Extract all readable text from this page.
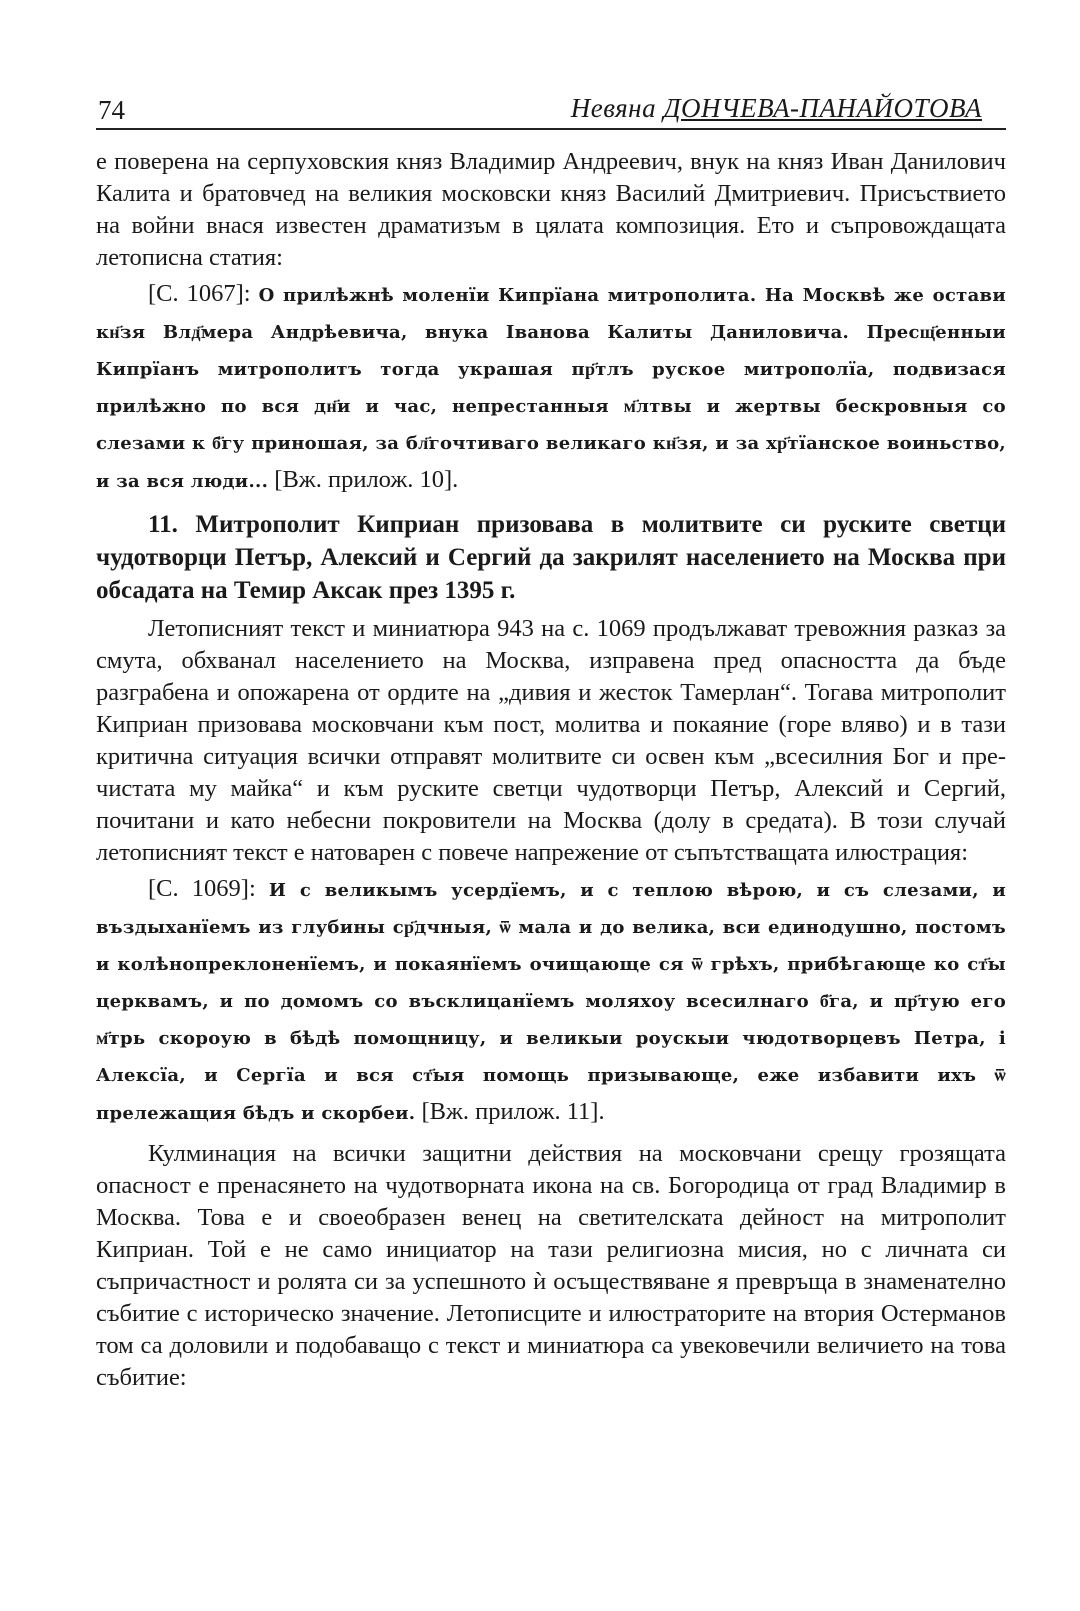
74	Невяна ДОНЧЕВА-ПАНАЙОТОВА

е поверена на серпуховския княз Владимир Андреевич, внук на княз Иван Данилович Калита и братовчед на великия московски княз Василий Дмитриевич. Присъствието на войни внася известен драматизъм в цялата композиция. Ето и съпровождащата летописна статия:

[С. 1067]: О прилѣжнѣ моленїи Кипрїана митрополита. На Москвѣ же остави кн҃зя Влд҃мера Андрѣевича, внука Iванова Калиты Даниловича. Пресщ҃енныи Кипрїанъ митрополитъ тогда украшая пр҃тлъ руское митрополїа, подвизася прилѣжно по вся дн҃и и час, непрестанныя м҃лтвы и жертвы бескровныя со слезами к б҃гу приношая, за бл҃гочтиваго великаго кн҃зя, и за хр҃тїанское воиньство, и за вся люди... [Вж. прилож. 10].

11. Митрополит Киприан призовава в молитвите си руските светци чудотворци Петър, Алексий и Сергий да закрилят населението на Москва при обсадата на Темир Аксак през 1395 г.

Летописният текст и миниатюра 943 на с. 1069 продължават тревожния разказ за смута, обхванал населението на Москва, изправена пред опасността да бъде разграбена и опожарена от ордите на „дивия и жесток Тамерлан“. Тогава митрополит Киприан призовава московчани към пост, молитва и покаяние (горе вляво) и в тази критична ситуация всички отправят молитвите си освен към „всесилния Бог и пречистата му майка“ и към руските светци чудотворци Петър, Алексий и Сергий, почитани и като небесни покровители на Москва (долу в средата). В този случай летописният текст е натоварен с повече напрежение от съпътстващата илюстрация:

[С. 1069]: И с великымъ усердїемъ, и с теплою вѣрою, и съ слезами, и въздыханїемъ из глубины ср҃дчныя, ѿ мала и до велика, вси единодушно, постомъ и колѣнопреклоненїемъ, и покаянїемъ очищающе ся ѿ грѣхъ, прибѣгающе ко ст҃ы церквамъ, и по домомъ со въсклицанїемъ моляхоу всесилнаго б҃га, и пр҃тую его м҃трь скороую в бѣдѣ помощницу, и великыи роускыи чюдотворцевъ Петра, i Алексїа, и Сергїа и вся ст҃ыя помощь призывающе, еже избавити ихъ ѿ прележащия бѣдъ и скорбеи. [Вж. прилож. 11].

Кулминация на всички защитни действия на московчани срещу грозящата опасност е пренасянето на чудотворната икона на св. Богородица от град Владимир в Москва. Това е и своеобразен венец на светителската дейност на митрополит Киприан. Той е не само инициатор на тази религиозна мисия, но с личната си съпричастност и ролята си за успешното ѝ осъществяване я превръща в знаменателно събитие с историческо значение. Летописците и илюстраторите на втория Остерманов том са доловили и подобаващо с текст и миниатюра са увековечили величието на това събитие:
